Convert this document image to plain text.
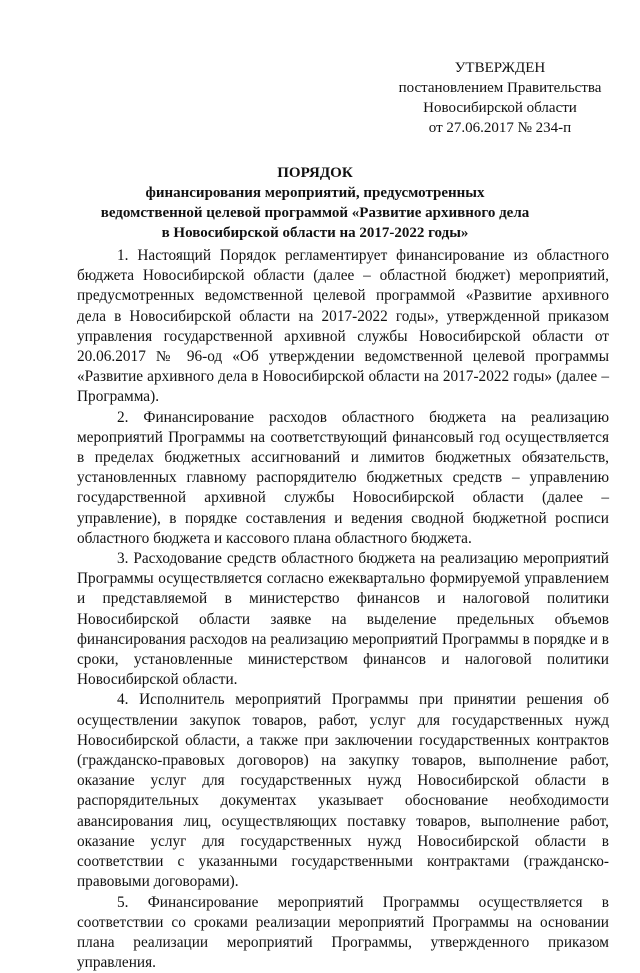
УТВЕРЖДЕН
постановлением Правительства
Новосибирской области
от 27.06.2017 № 234-п
ПОРЯДОК
финансирования мероприятий, предусмотренных
ведомственной целевой программой «Развитие архивного дела
в Новосибирской области на 2017-2022 годы»

1. Настоящий Порядок регламентирует финансирование из областного бюджета Новосибирской области (далее – областной бюджет) мероприятий, предусмотренных ведомственной целевой программой «Развитие архивного дела в Новосибирской области на 2017-2022 годы», утвержденной приказом управления государственной архивной службы Новосибирской области от 20.06.2017 № 96-од «Об утверждении ведомственной целевой программы «Развитие архивного дела в Новосибирской области на 2017-2022 годы» (далее – Программа).

2. Финансирование расходов областного бюджета на реализацию мероприятий Программы на соответствующий финансовый год осуществляется в пределах бюджетных ассигнований и лимитов бюджетных обязательств, установленных главному распорядителю бюджетных средств – управлению государственной архивной службы Новосибирской области (далее – управление), в порядке составления и ведения сводной бюджетной росписи областного бюджета и кассового плана областного бюджета.

3. Расходование средств областного бюджета на реализацию мероприятий Программы осуществляется согласно ежеквартально формируемой управлением и представляемой в министерство финансов и налоговой политики Новосибирской области заявке на выделение предельных объемов финансирования расходов на реализацию мероприятий Программы в порядке и в сроки, установленные министерством финансов и налоговой политики Новосибирской области.

4. Исполнитель мероприятий Программы при принятии решения об осуществлении закупок товаров, работ, услуг для государственных нужд Новосибирской области, а также при заключении государственных контрактов (гражданско-правовых договоров) на закупку товаров, выполнение работ, оказание услуг для государственных нужд Новосибирской области в распорядительных документах указывает обоснование необходимости авансирования лиц, осуществляющих поставку товаров, выполнение работ, оказание услуг для государственных нужд Новосибирской области в соответствии с указанными государственными контрактами (гражданско-правовыми договорами).

5. Финансирование мероприятий Программы осуществляется в соответствии со сроками реализации мероприятий Программы на основании плана реализации мероприятий Программы, утвержденного приказом управления.
